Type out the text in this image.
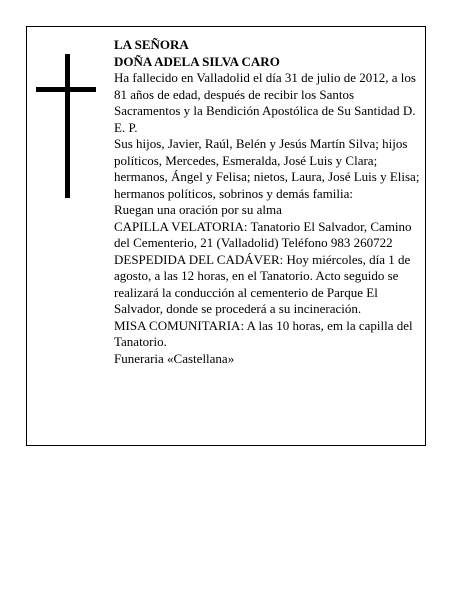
LA SEÑORA

DOÑA ADELA SILVA CARO

Ha fallecido en Valladolid el día 31 de julio de 2012, a los 81 años de edad, después de recibir los Santos Sacramentos y la Bendición Apostólica de Su Santidad D. E. P.

Sus hijos, Javier, Raúl, Belén y Jesús Martín Silva; hijos políticos, Mercedes, Esmeralda, José Luis y Clara; hermanos, Ángel y Felisa; nietos, Laura, José Luis y Elisa; hermanos políticos, sobrinos y demás familia:

Ruegan una oración por su alma

CAPILLA VELATORIA: Tanatorio El Salvador, Camino del Cementerio, 21 (Valladolid) Teléfono 983 260722

DESPEDIDA DEL CADÁVER: Hoy miércoles, día 1 de agosto, a las 12 horas, en el Tanatorio. Acto seguido se realizará la conducción al cementerio de Parque El Salvador, donde se procederá a su incineración.

MISA COMUNITARIA: A las 10 horas, em la capilla del Tanatorio.

Funeraria «Castellana»
